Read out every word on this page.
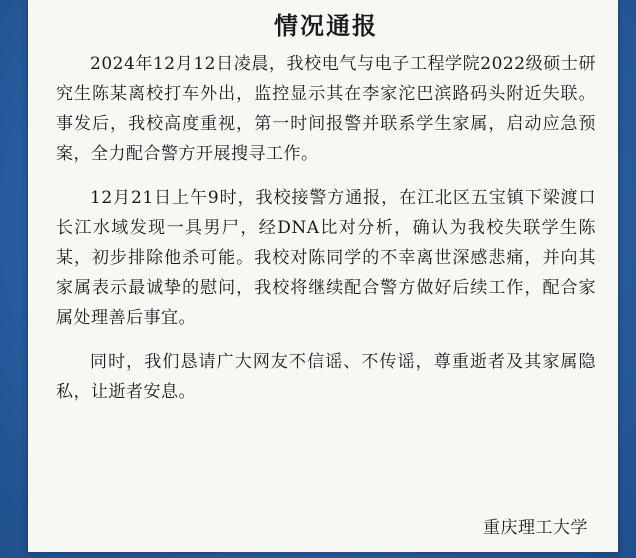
情况通报

2024年12月12日凌晨，我校电气与电子工程学院2022级硕士研究生陈某离校打车外出，监控显示其在李家沱巴滨路码头附近失联。事发后，我校高度重视，第一时间报警并联系学生家属，启动应急预案，全力配合警方开展搜寻工作。

12月21日上午9时，我校接警方通报，在江北区五宝镇下梁渡口长江水域发现一具男尸，经DNA比对分析，确认为我校失联学生陈某，初步排除他杀可能。我校对陈同学的不幸离世深感悲痛，并向其家属表示最诚挚的慰问，我校将继续配合警方做好后续工作，配合家属处理善后事宜。

同时，我们恳请广大网友不信谣、不传谣，尊重逝者及其家属隐私，让逝者安息。

重庆理工大学
